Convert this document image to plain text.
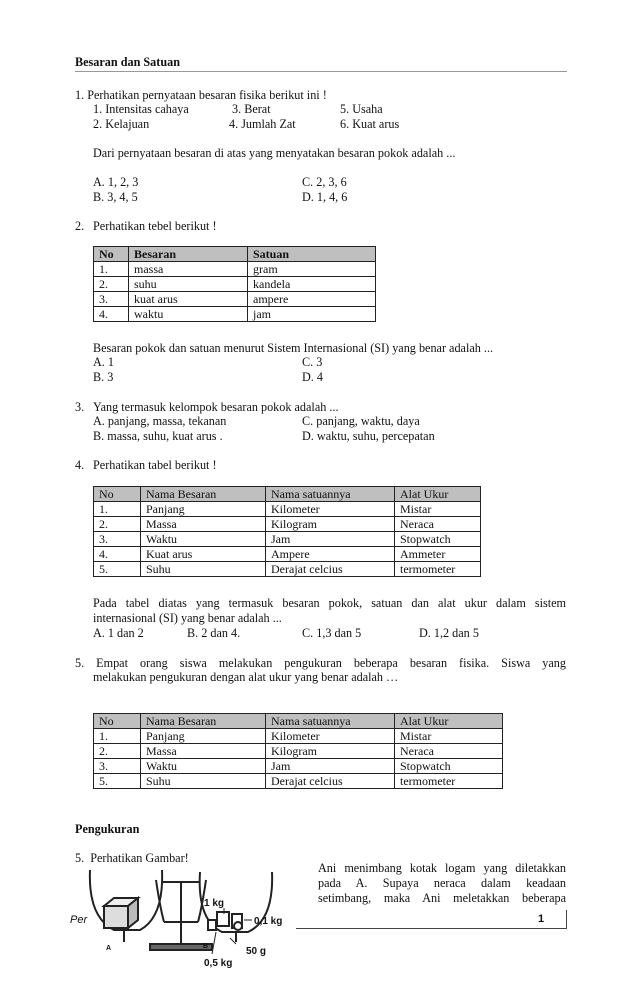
Besaran dan Satuan
1. Perhatikan pernyataan besaran fisika berikut ini !
1. Intensitas cahaya	3. Berat	5. Usaha
2. Kelajuan	4. Jumlah Zat	6. Kuat arus
Dari pernyataan besaran di atas yang menyatakan besaran pokok adalah ...
A. 1, 2, 3	C. 2, 3, 6
B. 3, 4, 5	D. 1, 4, 6
2. Perhatikan tebel berikut !
No	Besaran	Satuan
1.	massa	gram
2.	suhu	kandela
3.	kuat arus	ampere
4.	waktu	jam
Besaran pokok dan satuan menurut Sistem Internasional (SI) yang benar adalah ...
A. 1	C. 3
B. 3	D. 4
3. Yang termasuk kelompok besaran pokok adalah ...
A. panjang, massa, tekanan	C. panjang, waktu, daya
B. massa, suhu, kuat arus .	D. waktu, suhu, percepatan
4. Perhatikan tabel berikut !
No	Nama Besaran	Nama satuannya	Alat Ukur
1.	Panjang	Kilometer	Mistar
2.	Massa	Kilogram	Neraca
3.	Waktu	Jam	Stopwatch
4.	Kuat arus	Ampere	Ammeter
5.	Suhu	Derajat celcius	termometer
Pada tabel diatas yang termasuk besaran pokok, satuan dan alat ukur dalam sistem
internasional (SI) yang benar adalah ...
A. 1 dan 2	B. 2 dan 4.	C. 1,3 dan 5	D. 1,2 dan 5
5.  Empat  orang  siswa  melakukan  pengukuran  beberapa  besaran  fisika.  Siswa  yang
melakukan pengukuran dengan alat ukur yang benar adalah …
No	Nama Besaran	Nama satuannya	Alat Ukur
1.	Panjang	Kilometer	Mistar
2.	Massa	Kilogram	Neraca
3.	Waktu	Jam	Stopwatch
5.	Suhu	Derajat celcius	termometer
Pengukuran
5.  Perhatikan Gambar!
Ani menimbang kotak logam yang diletakkan
pada  A.  Supaya  neraca  dalam  keadaan
setimbang,  maka  Ani  meletakkan  beberapa
1 kg
0,1 kg
50 g
0,5 kg
A	B
Per	1
